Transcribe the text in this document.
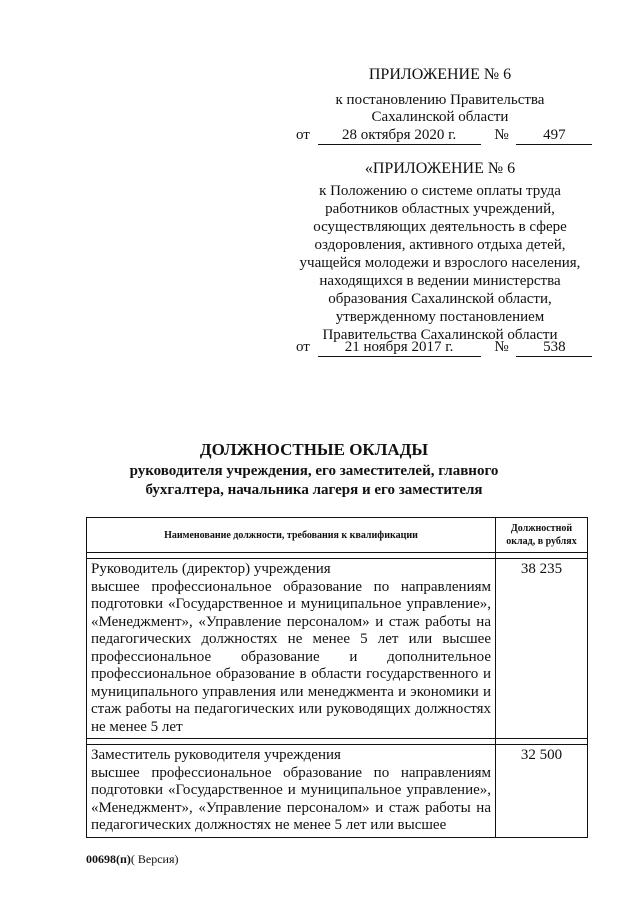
ПРИЛОЖЕНИЕ № 6
к постановлению Правительства
Сахалинской области
от 28 октября 2020 г.	№ 497
«ПРИЛОЖЕНИЕ № 6
к Положению о системе оплаты труда
работников областных учреждений,
осуществляющих деятельность в сфере
оздоровления, активного отдыха детей,
учащейся молодежи и взрослого населения,
находящихся в ведении министерства
образования Сахалинской области,
утвержденному постановлением
Правительства Сахалинской области
от 21 ноября 2017 г.	№ 538
ДОЛЖНОСТНЫЕ ОКЛАДЫ
руководителя учреждения, его заместителей, главного
бухгалтера, начальника лагеря и его заместителя
Наименование должности, требования к квалификации	Должностной оклад, в рублях

Руководитель (директор) учреждения
высшее профессиональное образование по направлениям подготовки «Государственное и муниципальное управление», «Менеджмент», «Управление персоналом» и стаж работы на педагогических должностях не менее 5 лет или высшее профессиональное образование и дополнительное профессиональное образование в области государственного и муниципального управления или менеджмента и экономики и стаж работы на педагогических или руководящих должностях не менее 5 лет	38 235

Заместитель руководителя учреждения
высшее профессиональное образование по направлениям подготовки «Государственное и муниципальное управление», «Менеджмент», «Управление персоналом» и стаж работы на педагогических должностях не менее 5 лет или высшее	32 500
00698(п)( Версия)
